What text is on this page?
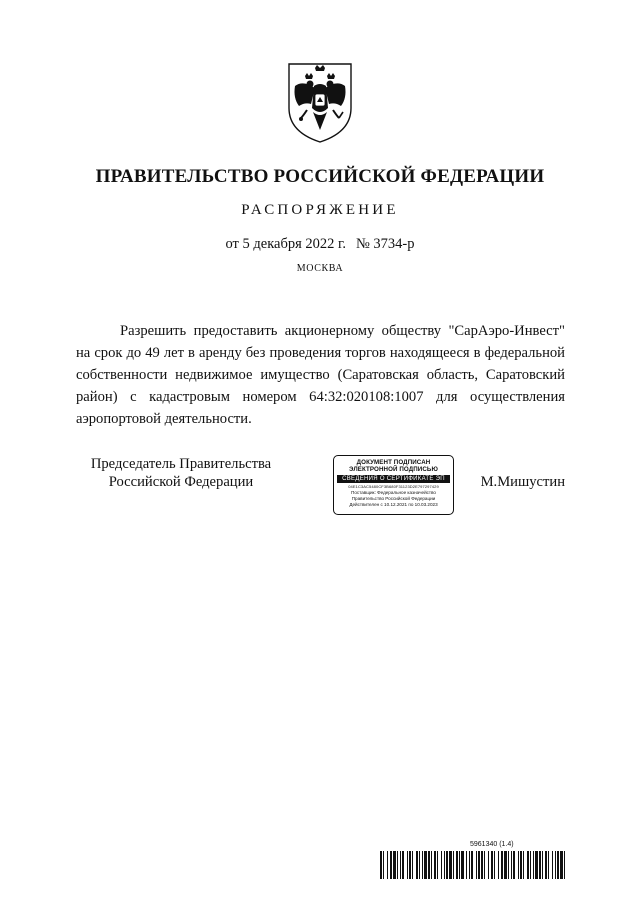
ПРАВИТЕЛЬСТВО РОССИЙСКОЙ ФЕДЕРАЦИИ
РАСПОРЯЖЕНИЕ
от 5 декабря 2022 г. № 3734-р
МОСКВА
Разрешить предоставить акционерному обществу "СарАэро-Инвест" на срок до 49 лет в аренду без проведения торгов находящееся в федеральной собственности недвижимое имущество (Саратовская область, Саратовский район) с кадастровым номером 64:32:020108:1007 для осуществления аэропортовой деятельности.
Председатель Правительства
Российской Федерации
ДОКУМЕНТ ПОДПИСАН
ЭЛЕКТРОННОЙ ПОДПИСЬЮ
СВЕДЕНИЯ О СЕРТИФИКАТЕ ЭП
04E1C3AC5480CF3B680F31123D2E797297429
Поставщик: Федеральное казначейство
Правительство Российской Федерации
Действителен с 10.12.2021 по 10.03.2023
М.Мишустин
5961340 (1.4)
